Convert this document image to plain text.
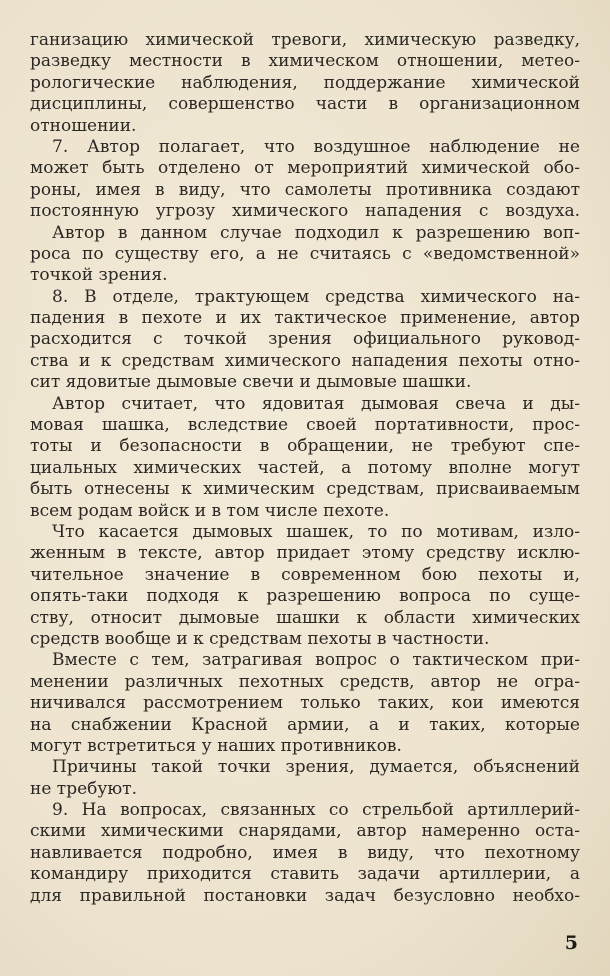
ганизацию химической тревоги, химическую разведку,
разведку местности в химическом отношении, метео-
рологические наблюдения, поддержание химической
дисциплины, совершенство части в организационном
отношении.
7. Автор полагает, что воздушное наблюдение не
может быть отделено от мероприятий химической обо-
роны, имея в виду, что самолеты противника создают
постоянную угрозу химического нападения с воздуха.
Автор в данном случае подходил к разрешению воп-
роса по существу его, а не считаясь с «ведомственной»
точкой зрения.
8. В отделе, трактующем средства химического на-
падения в пехоте и их тактическое применение, автор
расходится с точкой зрения официального руковод-
ства и к средствам химического нападения пехоты отно-
сит ядовитые дымовые свечи и дымовые шашки.
Автор считает, что ядовитая дымовая свеча и ды-
мовая шашка, вследствие своей портативности, прос-
тоты и безопасности в обращении, не требуют спе-
циальных химических частей, а потому вполне могут
быть отнесены к химическим средствам, присваиваемым
всем родам войск и в том числе пехоте.
Что касается дымовых шашек, то по мотивам, изло-
женным в тексте, автор придает этому средству исклю-
чительное значение в современном бою пехоты и,
опять-таки подходя к разрешению вопроса по суще-
ству, относит дымовые шашки к области химических
средств вообще и к средствам пехоты в частности.
Вместе с тем, затрагивая вопрос о тактическом при-
менении различных пехотных средств, автор не огра-
ничивался рассмотрением только таких, кои имеются
на снабжении Красной армии, а и таких, которые
могут встретиться у наших противников.
Причины такой точки зрения, думается, объяснений
не требуют.
9. На вопросах, связанных со стрельбой артиллерий-
скими химическими снарядами, автор намеренно оста-
навливается подробно, имея в виду, что пехотному
командиру приходится ставить задачи артиллерии, а
для правильной постановки задач безусловно необхо-
5
